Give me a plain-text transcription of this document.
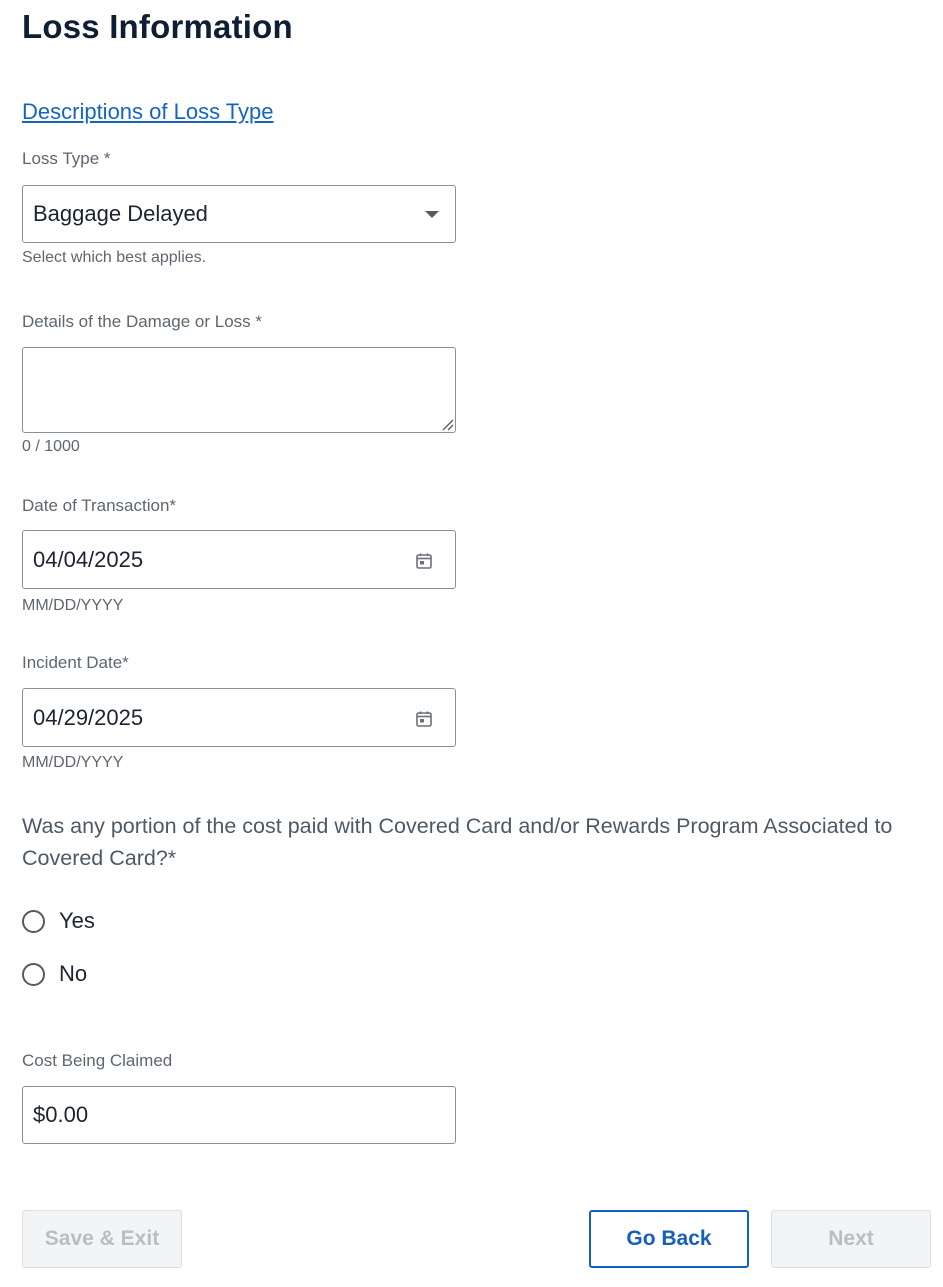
Loss Information
Descriptions of Loss Type
Loss Type *
Baggage Delayed
Select which best applies.
Details of the Damage or Loss *
0 / 1000
Date of Transaction*
04/04/2025
MM/DD/YYYY
Incident Date*
04/29/2025
MM/DD/YYYY
Was any portion of the cost paid with Covered Card and/or Rewards Program Associated to Covered Card?*
Yes
No
Cost Being Claimed
$0.00
Save & Exit	Go Back	Next
